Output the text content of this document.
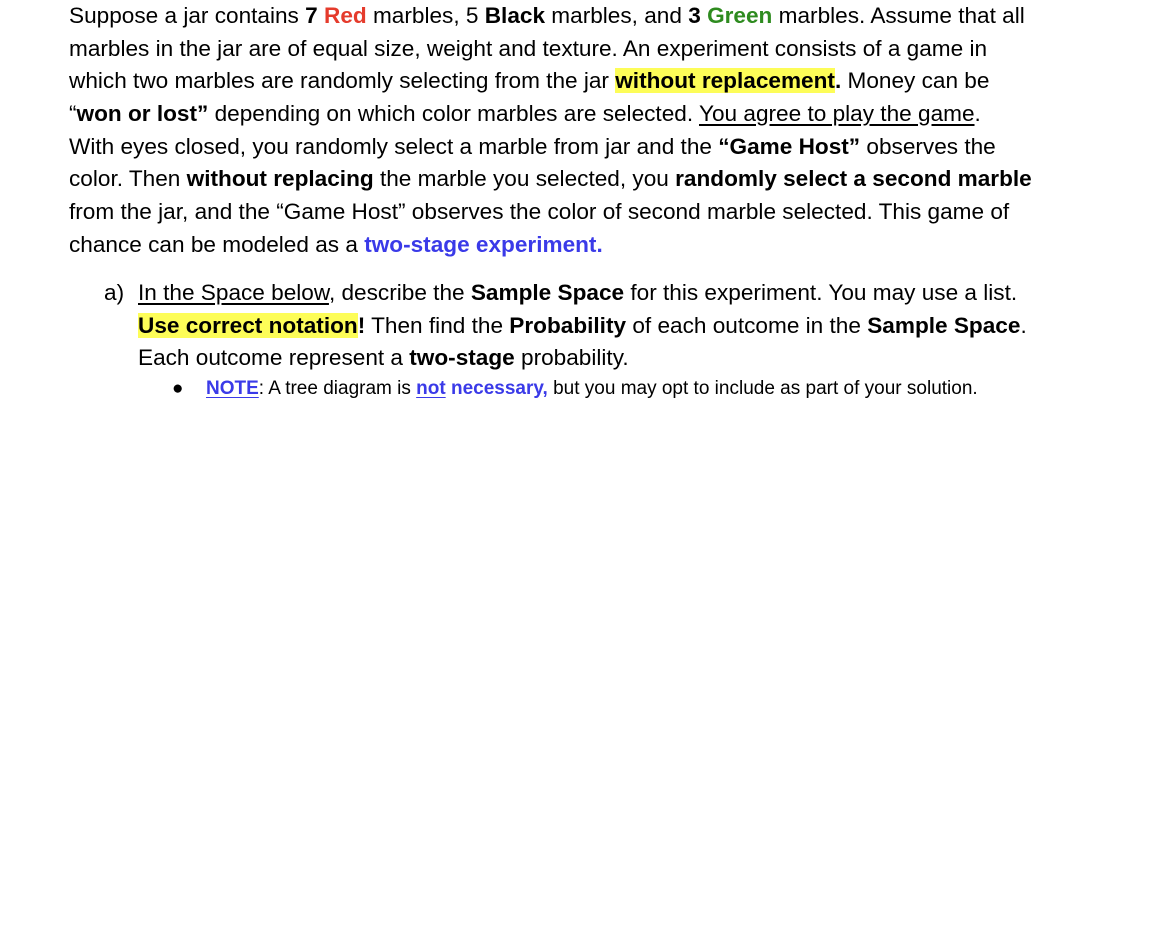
Suppose a jar contains 7 Red marbles, 5 Black marbles, and 3 Green marbles. Assume that all
marbles in the jar are of equal size, weight and texture. An experiment consists of a game in
which two marbles are randomly selecting from the jar without replacement. Money can be
“won or lost” depending on which color marbles are selected. You agree to play the game.
With eyes closed, you randomly select a marble from jar and the “Game Host” observes the
color. Then without replacing the marble you selected, you randomly select a second marble
from the jar, and the “Game Host” observes the color of second marble selected. This game of
chance can be modeled as a two-stage experiment.
a) In the Space below, describe the Sample Space for this experiment. You may use a list.
Use correct notation! Then find the Probability of each outcome in the Sample Space.
Each outcome represent a two-stage probability.
● NOTE: A tree diagram is not necessary, but you may opt to include as part of your solution.
